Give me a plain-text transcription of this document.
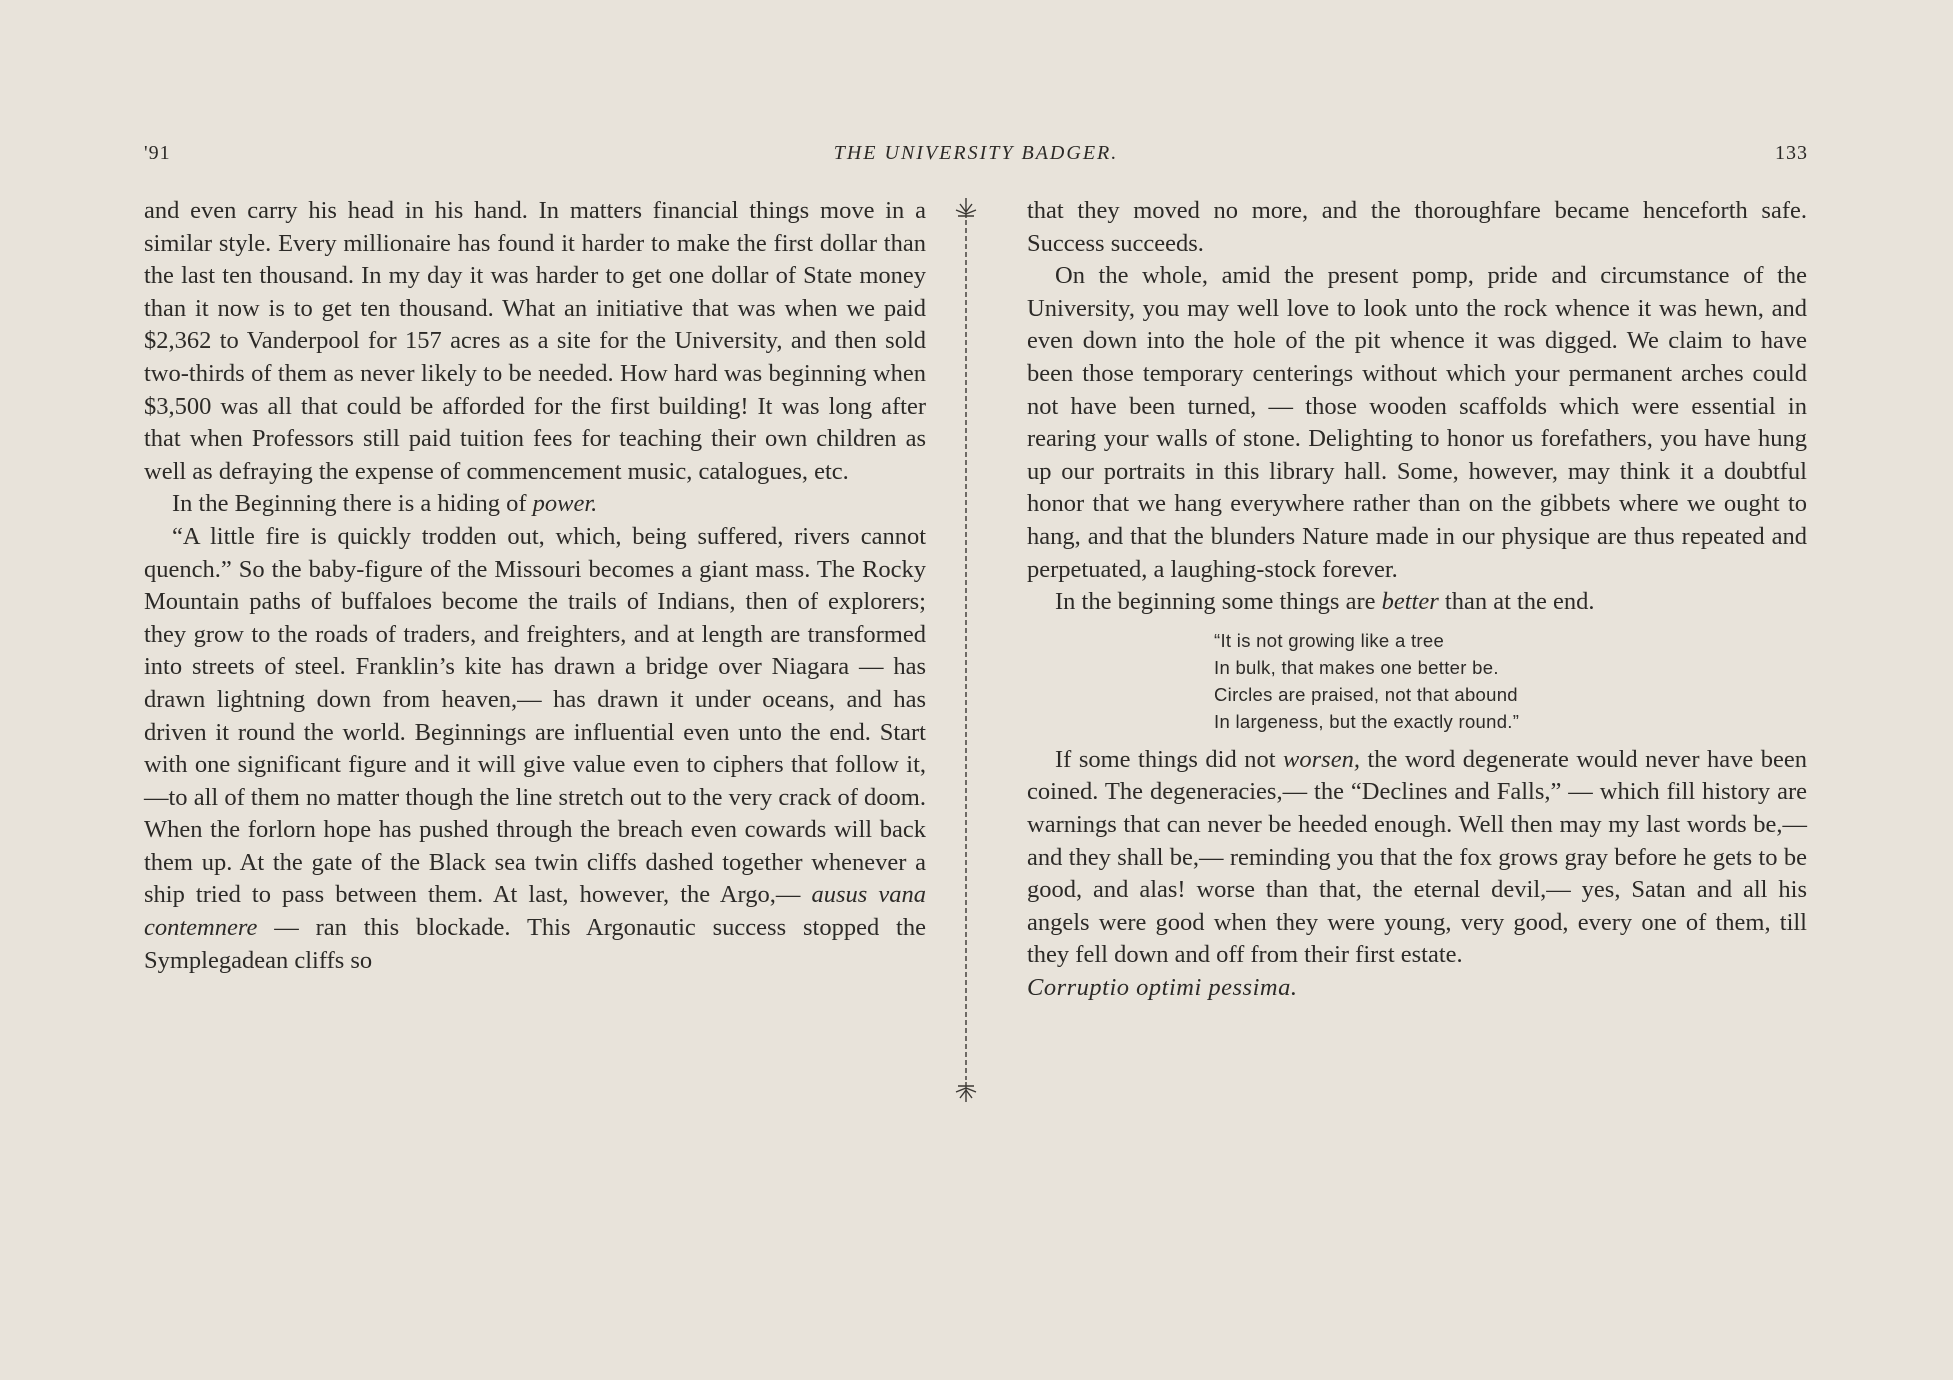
'91	THE UNIVERSITY BADGER.	133

and even carry his head in his hand. In matters financial things move in a similar style. Every millionaire has found it harder to make the first dollar than the last ten thousand. In my day it was harder to get one dollar of State money than it now is to get ten thousand. What an initiative that was when we paid $2,362 to Vanderpool for 157 acres as a site for the University, and then sold two-thirds of them as never likely to be needed. How hard was beginning when $3,500 was all that could be afforded for the first building! It was long after that when Professors still paid tuition fees for teaching their own children as well as defraying the expense of commencement music, catalogues, etc.

In the Beginning there is a hiding of power.

“A little fire is quickly trodden out, which, being suffered, rivers cannot quench.” So the baby-figure of the Missouri becomes a giant mass. The Rocky Mountain paths of buffaloes become the trails of Indians, then of explorers; they grow to the roads of traders, and freighters, and at length are transformed into streets of steel. Franklin’s kite has drawn a bridge over Niagara — has drawn lightning down from heaven,— has drawn it under oceans, and has driven it round the world. Beginnings are influential even unto the end. Start with one significant figure and it will give value even to ciphers that follow it,—to all of them no matter though the line stretch out to the very crack of doom. When the forlorn hope has pushed through the breach even cowards will back them up. At the gate of the Black sea twin cliffs dashed together whenever a ship tried to pass between them. At last, however, the Argo,— ausus vana contemnere — ran this blockade. This Argonautic success stopped the Symplegadean cliffs so

that they moved no more, and the thoroughfare became henceforth safe. Success succeeds.

On the whole, amid the present pomp, pride and circumstance of the University, you may well love to look unto the rock whence it was hewn, and even down into the hole of the pit whence it was digged. We claim to have been those temporary centerings without which your permanent arches could not have been turned, — those wooden scaffolds which were essential in rearing your walls of stone. Delighting to honor us forefathers, you have hung up our portraits in this library hall. Some, however, may think it a doubtful honor that we hang everywhere rather than on the gibbets where we ought to hang, and that the blunders Nature made in our physique are thus repeated and perpetuated, a laughing-stock forever.

In the beginning some things are better than at the end.

“It is not growing like a tree
In bulk, that makes one better be.
Circles are praised, not that abound
In largeness, but the exactly round.”

If some things did not worsen, the word degenerate would never have been coined. The degeneracies,— the “Declines and Falls,” — which fill history are warnings that can never be heeded enough. Well then may my last words be,— and they shall be,— reminding you that the fox grows gray before he gets to be good, and alas! worse than that, the eternal devil,— yes, Satan and all his angels were good when they were young, very good, every one of them, till they fell down and off from their first estate.

Corruptio optimi pessima.
